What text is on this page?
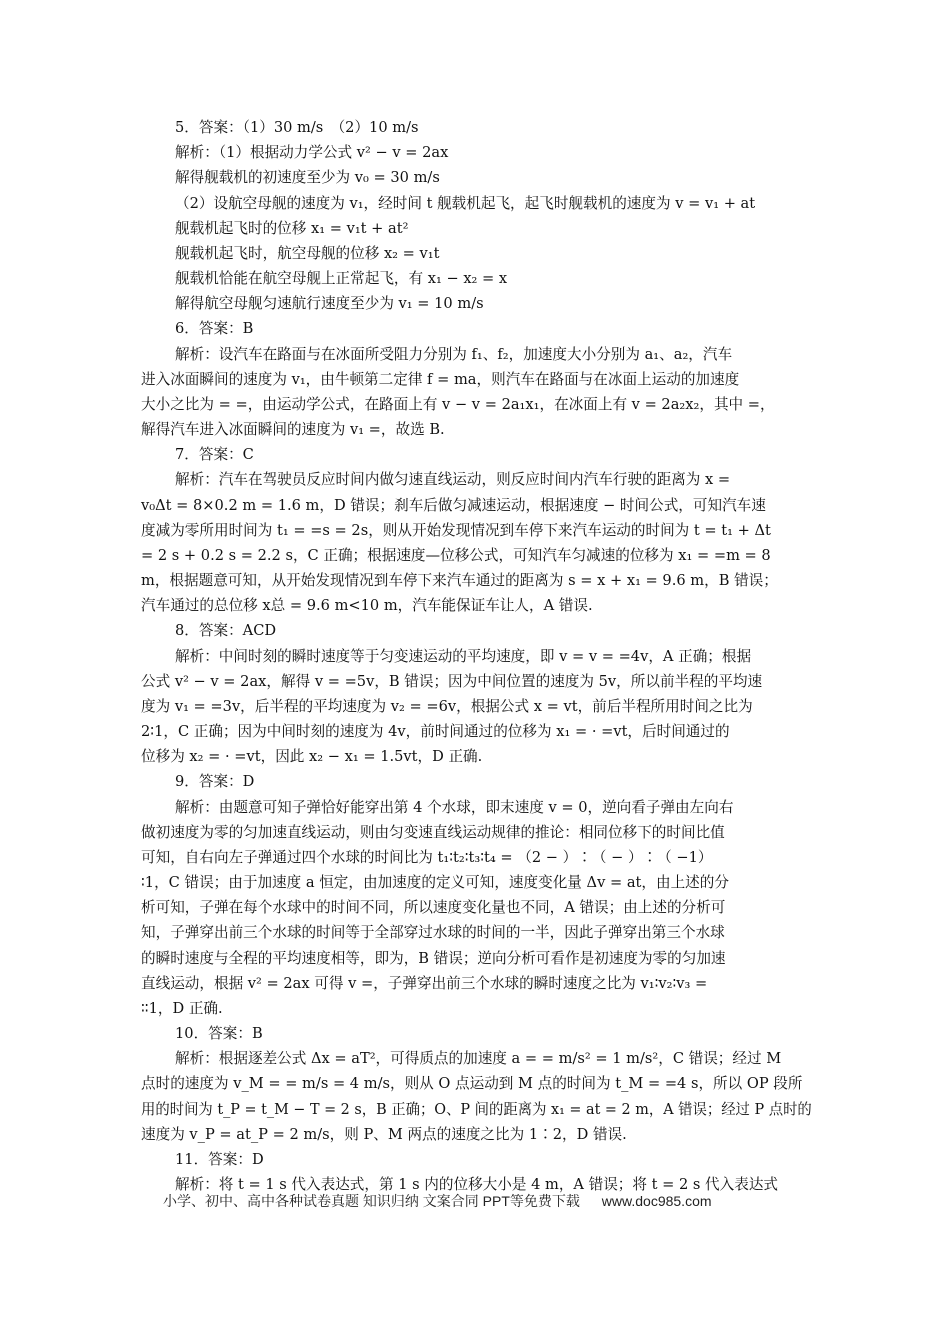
5．答案：（1）30 m/s　（2）10 m/s
解析：（1）根据动力学公式 v² − v = 2ax
解得舰载机的初速度至少为 v₀ = 30 m/s
（2）设航空母舰的速度为 v₁，经时间 t 舰载机起飞，起飞时舰载机的速度为 v = v₁ + at
舰载机起飞时的位移 x₁ = v₁t + at²
舰载机起飞时，航空母舰的位移 x₂ = v₁t
舰载机恰能在航空母舰上正常起飞，有 x₁ − x₂ = x
解得航空母舰匀速航行速度至少为 v₁ = 10 m/s
6．答案：B
解析：设汽车在路面与在冰面所受阻力分别为 f₁、f₂，加速度大小分别为 a₁、a₂，汽车
进入冰面瞬间的速度为 v₁，由牛顿第二定律 f = ma，则汽车在路面与在冰面上运动的加速度
大小之比为 = =，由运动学公式，在路面上有 v − v = 2a₁x₁，在冰面上有 v = 2a₂x₂，其中 =，
解得汽车进入冰面瞬间的速度为 v₁ =，故选 B.
7．答案：C
解析：汽车在驾驶员反应时间内做匀速直线运动，则反应时间内汽车行驶的距离为 x =
v₀Δt = 8×0.2 m = 1.6 m，D 错误；刹车后做匀减速运动，根据速度 − 时间公式，可知汽车速
度减为零所用时间为 t₁ = =s = 2s，则从开始发现情况到车停下来汽车运动的时间为 t = t₁ + Δt
= 2 s + 0.2 s = 2.2 s，C 正确；根据速度—位移公式，可知汽车匀减速的位移为 x₁ = =m = 8
m，根据题意可知，从开始发现情况到车停下来汽车通过的距离为 s = x + x₁ = 9.6 m，B 错误；
汽车通过的总位移 x总 = 9.6 m<10 m，汽车能保证车让人，A 错误.
8．答案：ACD
解析：中间时刻的瞬时速度等于匀变速运动的平均速度，即 v = v = =4v，A 正确；根据
公式 v² − v = 2ax，解得 v = =5v，B 错误；因为中间位置的速度为 5v，所以前半程的平均速
度为 v₁ = =3v，后半程的平均速度为 v₂ = =6v，根据公式 x = vt，前后半程所用时间之比为
2∶1，C 正确；因为中间时刻的速度为 4v，前时间通过的位移为 x₁ = · =vt，后时间通过的
位移为 x₂ = · =vt，因此 x₂ − x₁ = 1.5vt，D 正确.
9．答案：D
解析：由题意可知子弹恰好能穿出第 4 个水球，即末速度 v = 0，逆向看子弹由左向右
做初速度为零的匀加速直线运动，则由匀变速直线运动规律的推论：相同位移下的时间比值
可知，自右向左子弹通过四个水球的时间比为 t₁∶t₂∶t₃∶t₄ = （2 − ）∶（ − ）∶（ −1）
∶1，C 错误；由于加速度 a 恒定，由加速度的定义可知，速度变化量 Δv = at，由上述的分
析可知，子弹在每个水球中的时间不同，所以速度变化量也不同，A 错误；由上述的分析可
知，子弹穿出前三个水球的时间等于全部穿过水球的时间的一半，因此子弹穿出第三个水球
的瞬时速度与全程的平均速度相等，即为，B 错误；逆向分析可看作是初速度为零的匀加速
直线运动，根据 v² = 2ax 可得 v =，子弹穿出前三个水球的瞬时速度之比为 v₁∶v₂∶v₃ =
∶∶1，D 正确.
10．答案：B
解析：根据逐差公式 Δx = aT²，可得质点的加速度 a = = m/s² = 1 m/s²，C 错误；经过 M
点时的速度为 v_M = = m/s = 4 m/s，则从 O 点运动到 M 点的时间为 t_M = =4 s，所以 OP 段所
用的时间为 t_P = t_M − T = 2 s，B 正确；O、P 间的距离为 x₁ = at = 2 m，A 错误；经过 P 点时的
速度为 v_P = at_P = 2 m/s，则 P、M 两点的速度之比为 1∶2，D 错误.
11．答案：D
解析：将 t = 1 s 代入表达式，第 1 s 内的位移大小是 4 m，A 错误；将 t = 2 s 代入表达式
小学、初中、高中各种试卷真题 知识归纳 文案合同 PPT等免费下载 www.doc985.com
